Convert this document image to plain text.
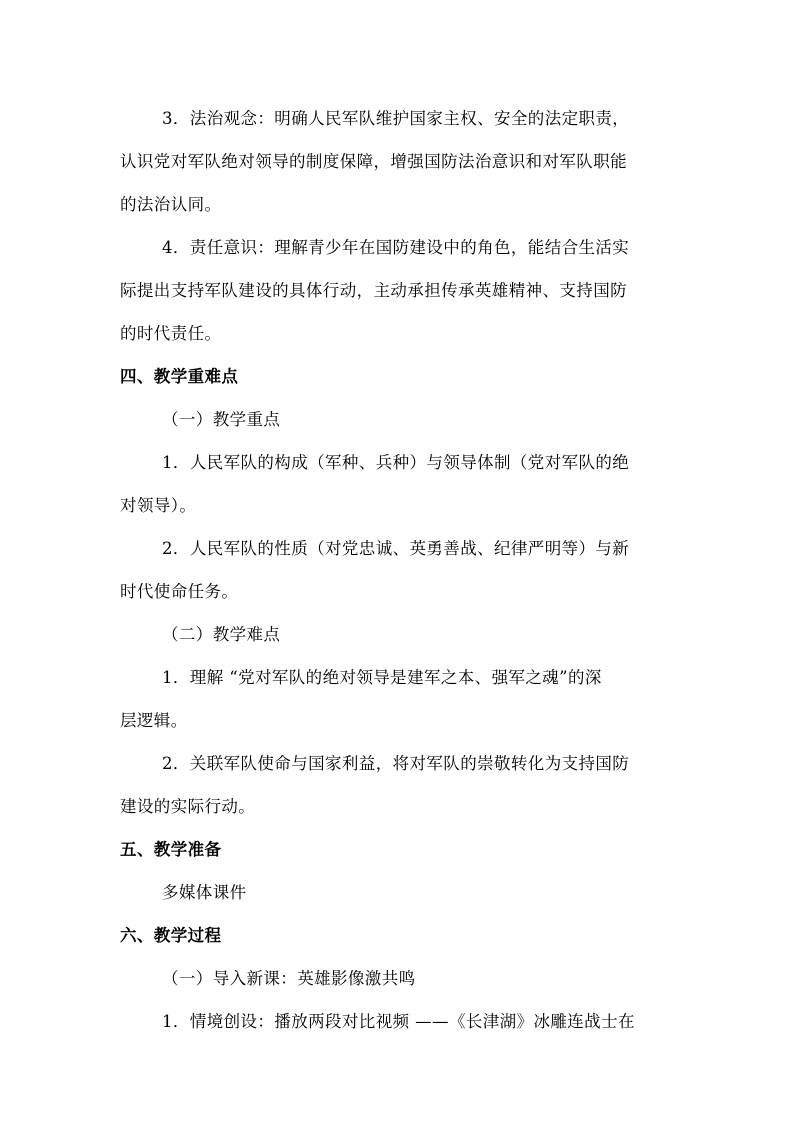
3．法治观念：明确人民军队维护国家主权、安全的法定职责，
认识党对军队绝对领导的制度保障，增强国防法治意识和对军队职能
的法治认同。
4．责任意识：理解青少年在国防建设中的角色，能结合生活实
际提出支持军队建设的具体行动，主动承担传承英雄精神、支持国防
的时代责任。
四、教学重难点
（一）教学重点
1．人民军队的构成（军种、兵种）与领导体制（党对军队的绝
对领导）。
2．人民军队的性质（对党忠诚、英勇善战、纪律严明等）与新
时代使命任务。
（二）教学难点
1．理解 “党对军队的绝对领导是建军之本、强军之魂”的深
层逻辑。
2．关联军队使命与国家利益，将对军队的崇敬转化为支持国防
建设的实际行动。
五、教学准备
多媒体课件
六、教学过程
（一）导入新课：英雄影像激共鸣
1．情境创设：播放两段对比视频 ——《长津湖》冰雕连战士在
